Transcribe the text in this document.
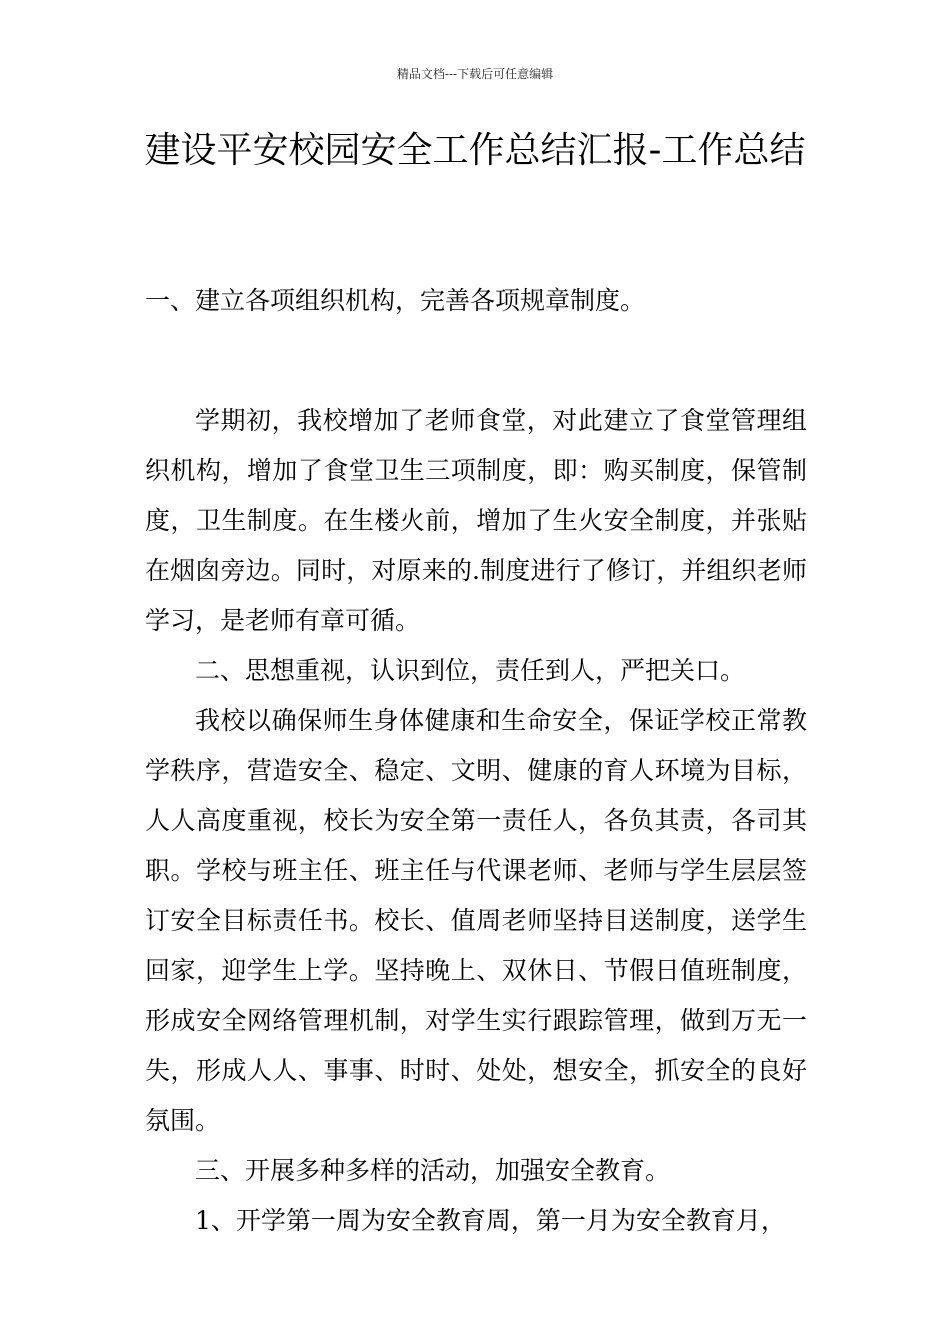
精品文档---下载后可任意编辑
建设平安校园安全工作总结汇报-工作总结

一、建立各项组织机构，完善各项规章制度。

学期初，我校增加了老师食堂，对此建立了食堂管理组织机构，增加了食堂卫生三项制度，即：购买制度，保管制度，卫生制度。在生楼火前，增加了生火安全制度，并张贴在烟囱旁边。同时，对原来的.制度进行了修订，并组织老师学习，是老师有章可循。

二、思想重视，认识到位，责任到人，严把关口。

我校以确保师生身体健康和生命安全，保证学校正常教学秩序，营造安全、稳定、文明、健康的育人环境为目标，人人高度重视，校长为安全第一责任人，各负其责，各司其职。学校与班主任、班主任与代课老师、老师与学生层层签订安全目标责任书。校长、值周老师坚持目送制度，送学生回家，迎学生上学。坚持晚上、双休日、节假日值班制度，形成安全网络管理机制，对学生实行跟踪管理，做到万无一失，形成人人、事事、时时、处处，想安全，抓安全的良好氛围。

三、开展多种多样的活动，加强安全教育。

1、开学第一周为安全教育周，第一月为安全教育月，
